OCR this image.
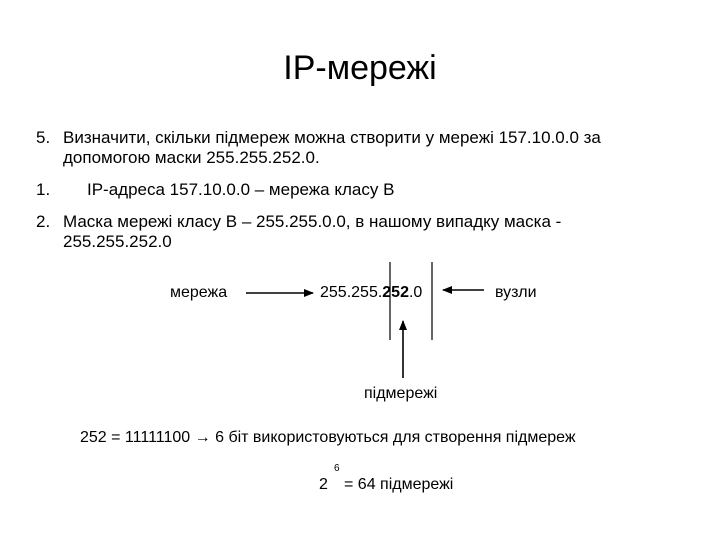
IP-мережі
5. Визначити, скільки підмереж можна створити у мережі 157.10.0.0 за
допомогою маски 255.255.252.0.
1. IP-адреса 157.10.0.0 – мережа класу В
2. Маска мережі класу В – 255.255.0.0, в нашому випадку маска -
255.255.252.0
мережа	255.255.252.0	вузли
підмережі
252 = 11111100 → 6 біт використовуються для створення підмереж
2
6
= 64 підмережі
